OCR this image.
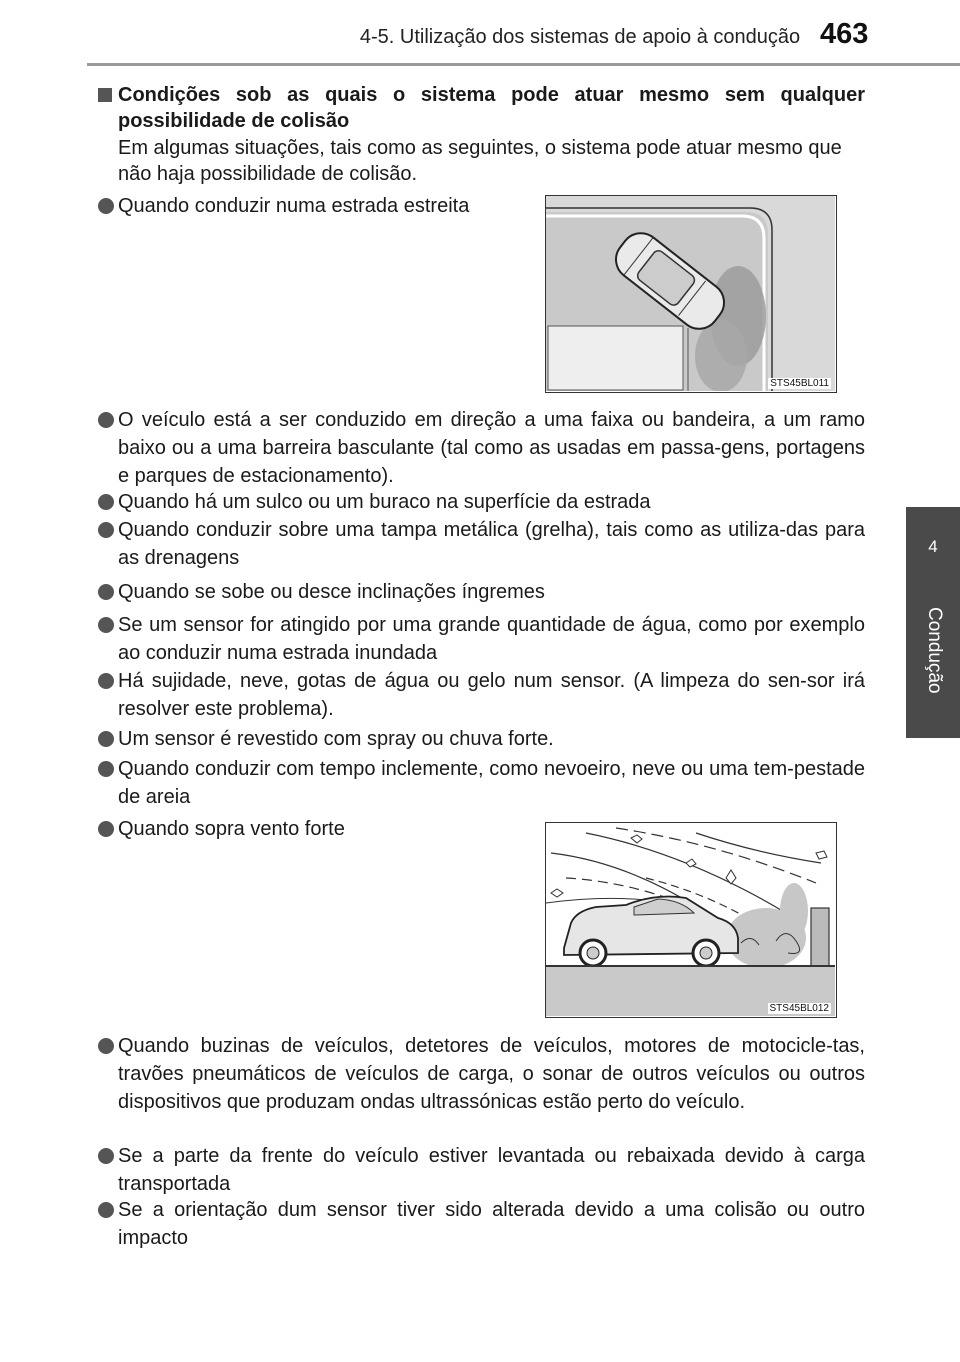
4-5. Utilização dos sistemas de apoio à condução 463
4
Condução
Condições sob as quais o sistema pode atuar mesmo sem qualquer possibilidade de colisão
Em algumas situações, tais como as seguintes, o sistema pode atuar mesmo que não haja possibilidade de colisão.
Quando conduzir numa estrada estreita
STS45BL011
O veículo está a ser conduzido em direção a uma faixa ou bandeira, a um ramo baixo ou a uma barreira basculante (tal como as usadas em passa-gens, portagens e parques de estacionamento).
Quando há um sulco ou um buraco na superfície da estrada
Quando conduzir sobre uma tampa metálica (grelha), tais como as utiliza-das para as drenagens
Quando se sobe ou desce inclinações íngremes
Se um sensor for atingido por uma grande quantidade de água, como por exemplo ao conduzir numa estrada inundada
Há sujidade, neve, gotas de água ou gelo num sensor. (A limpeza do sen-sor irá resolver este problema).
Um sensor é revestido com spray ou chuva forte.
Quando conduzir com tempo inclemente, como nevoeiro, neve ou uma tem-pestade de areia
Quando sopra vento forte
STS45BL012
Quando buzinas de veículos, detetores de veículos, motores de motocicle-tas, travões pneumáticos de veículos de carga, o sonar de outros veículos ou outros dispositivos que produzam ondas ultrassónicas estão perto do veículo.
Se a parte da frente do veículo estiver levantada ou rebaixada devido à carga transportada
Se a orientação dum sensor tiver sido alterada devido a uma colisão ou outro impacto
